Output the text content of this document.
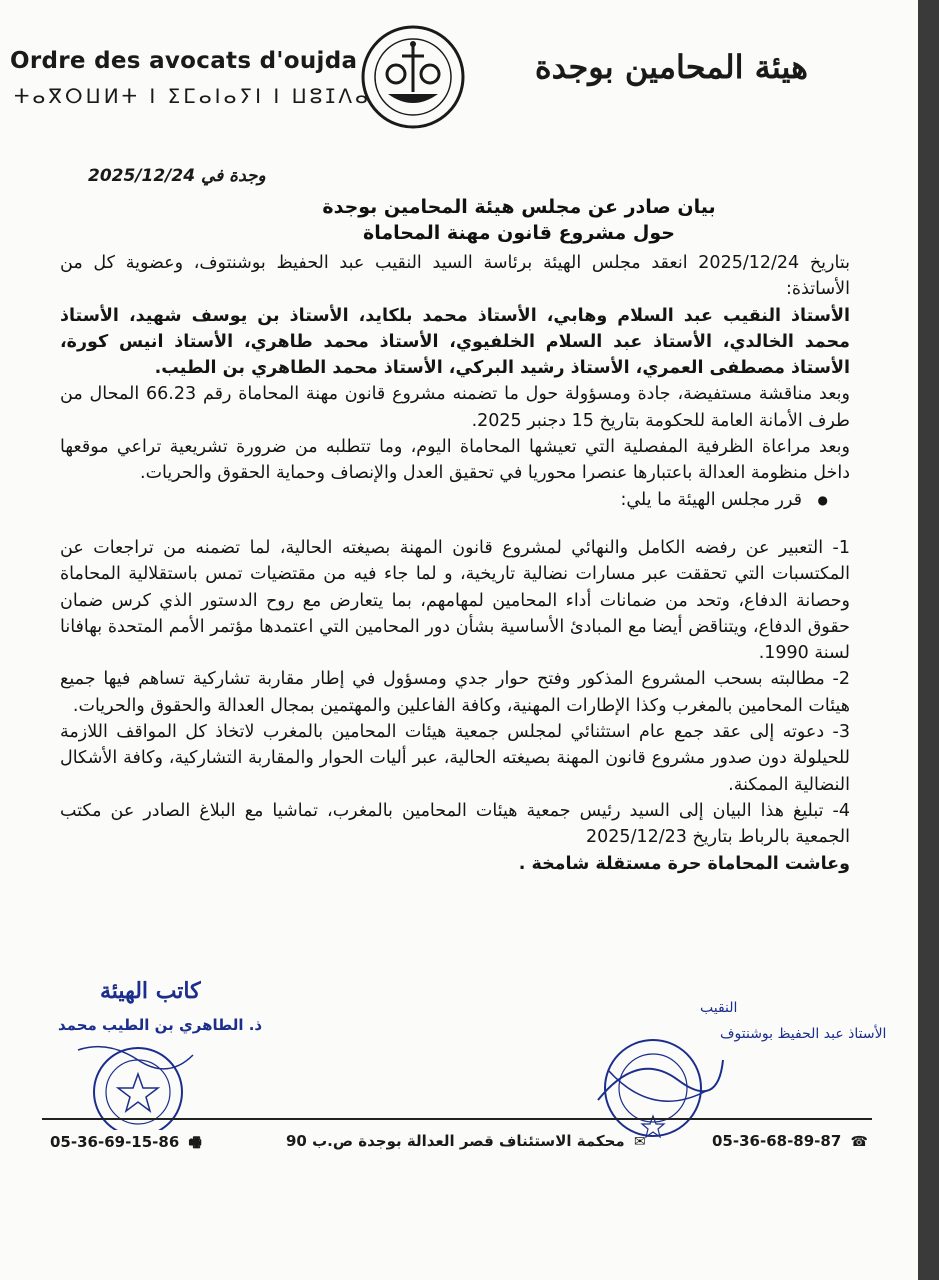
Ordre des avocats d'oujda
ⵜⴰⴳⵔⵡⵍⵜ ⵏ ⵉⵎⴰⵏⴰⵢⵏ ⵏ ⵡⵓⵊⴷⴰ
هيئة المحامين بوجدة
وجدة في 2025/12/24
بيان صادر عن مجلس هيئة المحامين بوجدة
حول مشروع قانون مهنة المحاماة

بتاريخ 2025/12/24 انعقد مجلس الهيئة برئاسة السيد النقيب عبد الحفيظ بوشنتوف، وعضوية كل من الأساتذة:

الأستاذ النقيب عبد السلام وهابي، الأستاذ محمد بلكايد، الأستاذ بن يوسف شهيد، الأستاذ محمد الخالدي، الأستاذ عبد السلام الخلفيوي، الأستاذ محمد طاهري، الأستاذ انيس كورة، الأستاذ مصطفى العمري، الأستاذ رشيد البركي، الأستاذ محمد الطاهري بن الطيب.

وبعد مناقشة مستفيضة، جادة ومسؤولة حول ما تضمنه مشروع قانون مهنة المحاماة رقم 66.23 المحال من طرف الأمانة العامة للحكومة بتاريخ 15 دجنبر 2025.

وبعد مراعاة الظرفية المفصلية التي تعيشها المحاماة اليوم، وما تتطلبه من ضرورة تشريعية تراعي موقعها داخل منظومة العدالة باعتبارها عنصرا محوريا في تحقيق العدل والإنصاف وحماية الحقوق والحريات.

● قرر مجلس الهيئة ما يلي:

1- التعبير عن رفضه الكامل والنهائي لمشروع قانون المهنة بصيغته الحالية، لما تضمنه من تراجعات عن المكتسبات التي تحققت عبر مسارات نضالية تاريخية، و لما جاء فيه من مقتضيات تمس باستقلالية المحاماة وحصانة الدفاع، وتحد من ضمانات أداء المحامين لمهامهم، بما يتعارض مع روح الدستور الذي كرس ضمان حقوق الدفاع، ويتناقض أيضا مع المبادئ الأساسية بشأن دور المحامين التي اعتمدها مؤتمر الأمم المتحدة بهافانا لسنة 1990.

2- مطالبته بسحب المشروع المذكور وفتح حوار جدي ومسؤول في إطار مقاربة تشاركية تساهم فيها جميع هيئات المحامين بالمغرب وكذا الإطارات المهنية، وكافة الفاعلين والمهتمين بمجال العدالة والحقوق والحريات.

3- دعوته إلى عقد جمع عام استثنائي لمجلس جمعية هيئات المحامين بالمغرب لاتخاذ كل المواقف اللازمة للحيلولة دون صدور مشروع قانون المهنة بصيغته الحالية، عبر أليات الحوار والمقاربة التشاركية، وكافة الأشكال النضالية الممكنة.

4- تبليغ هذا البيان إلى السيد رئيس جمعية هيئات المحامين بالمغرب، تماشيا مع البلاغ الصادر عن مكتب الجمعية بالرباط بتاريخ 2025/12/23

وعاشت المحاماة حرة مستقلة شامخة .

كاتب الهيئة
ذ. الطاهري بن الطيب محمد
النقيب
الأستاذ عبد الحفيظ بوشنتوف
05-36-69-15-86 🖷	✉ محكمة الاستئناف قصر العدالة بوجدة ص.ب 90	05-36-68-89-87 ☎
